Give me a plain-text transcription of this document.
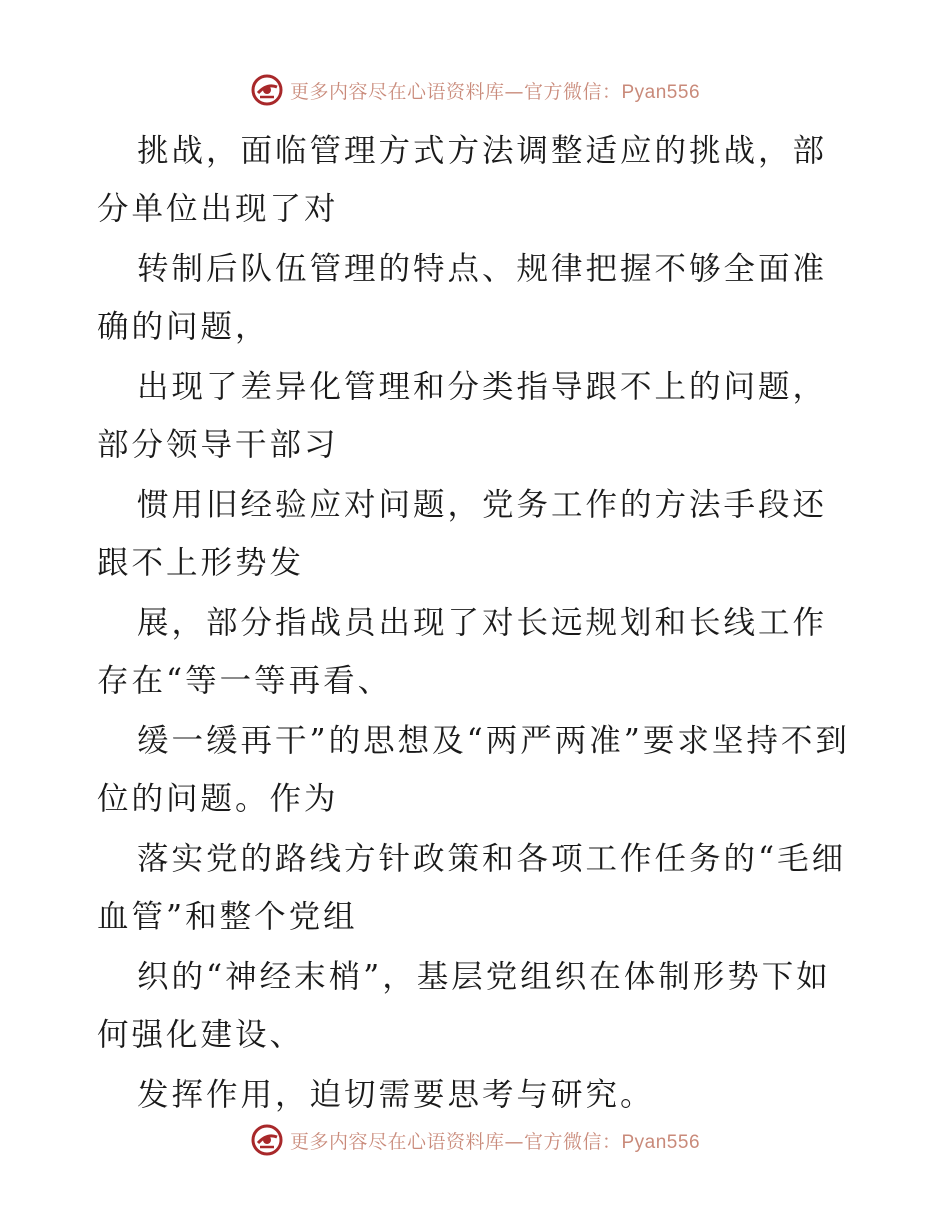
更多内容尽在心语资料库—官方微信：Pyan556

挑战，面临管理方式方法调整适应的挑战，部分单位出现了对

转制后队伍管理的特点、规律把握不够全面准确的问题，

出现了差异化管理和分类指导跟不上的问题，部分领导干部习

惯用旧经验应对问题，党务工作的方法手段还跟不上形势发

展，部分指战员出现了对长远规划和长线工作存在“等一等再看、

缓一缓再干”的思想及“两严两准”要求坚持不到位的问题。作为

落实党的路线方针政策和各项工作任务的“毛细血管”和整个党组

织的“神经末梢”，基层党组织在体制形势下如何强化建设、

发挥作用，迫切需要思考与研究。

更多内容尽在心语资料库—官方微信：Pyan556
